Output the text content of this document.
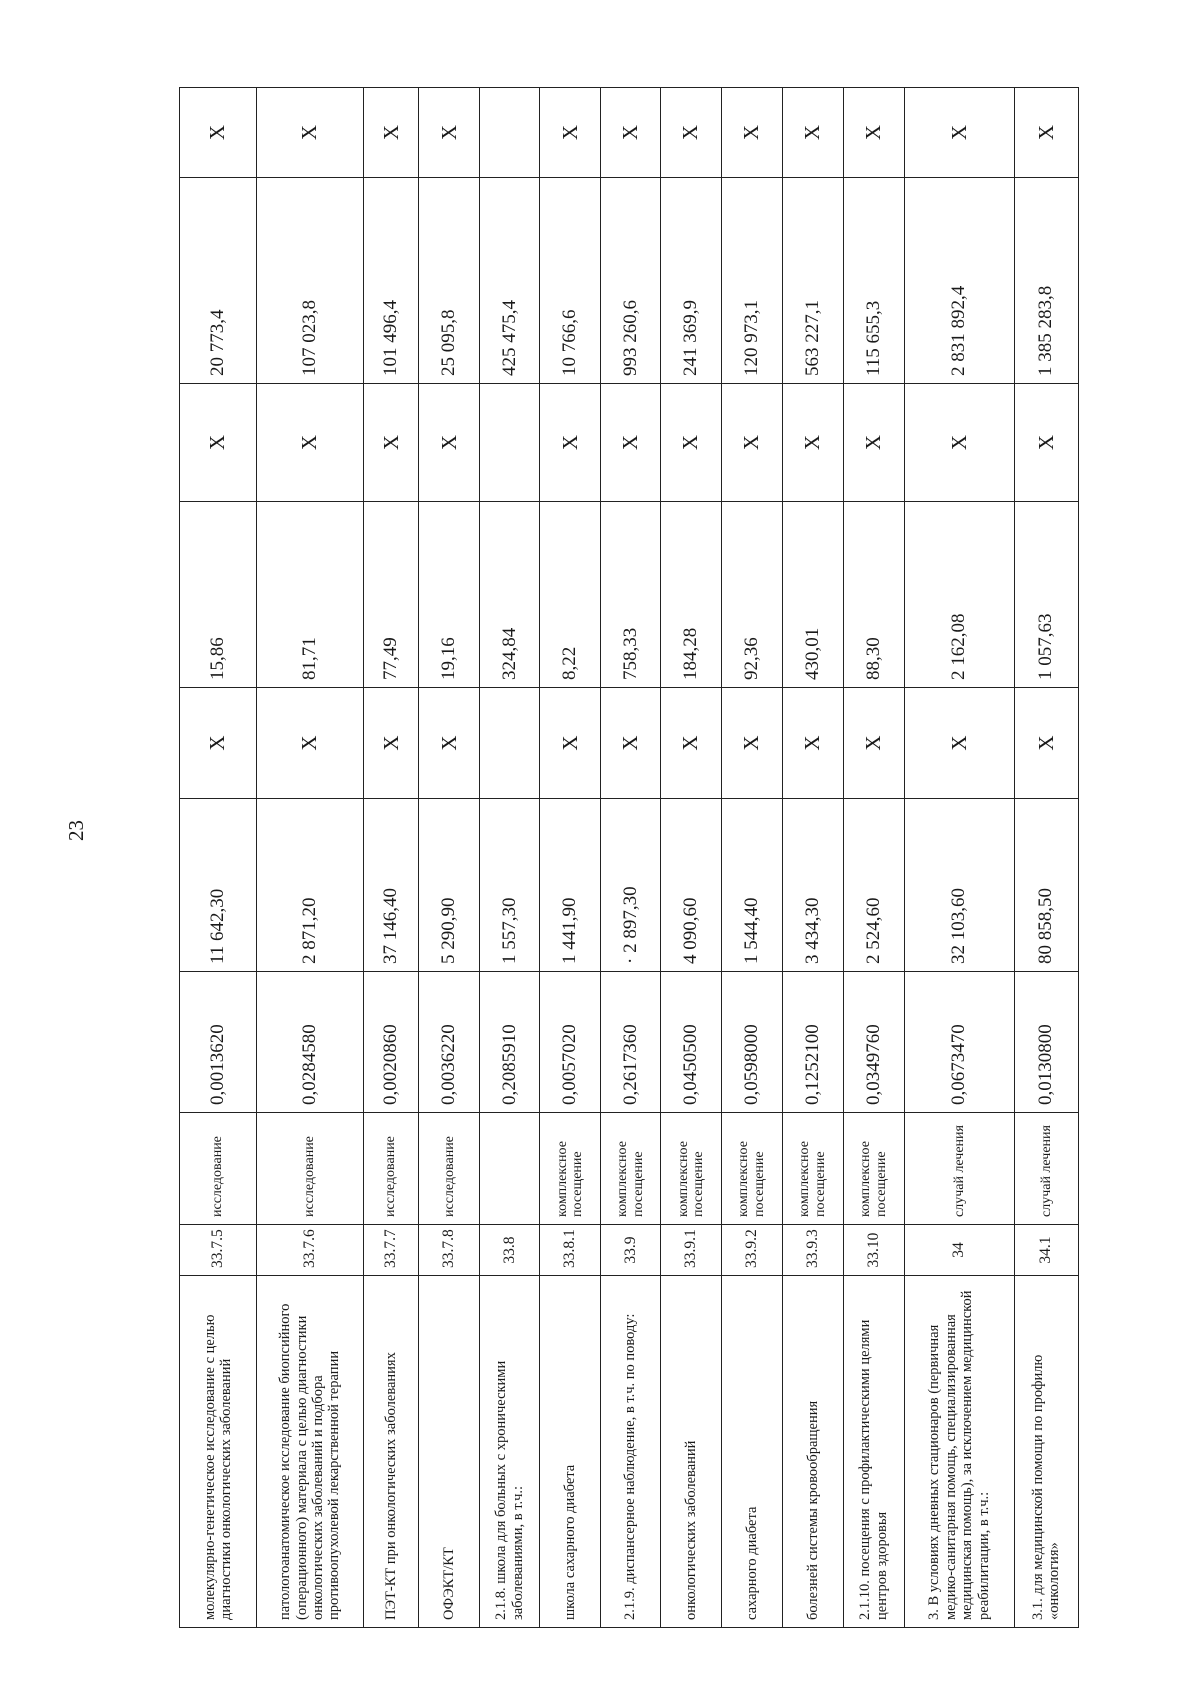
23
молекулярно-генетическое исследование с целью диагностики онкологических заболеваний	33.7.5	исследование	0,0013620	11 642,30	X	15,86	X	20 773,4	X
патологоанатомическое исследование биопсийного (операционного) материала с целью диагностики онкологических заболеваний и подбора противоопухолевой лекарственной терапии	33.7.6	исследование	0,0284580	2 871,20	X	81,71	X	107 023,8	X
ПЭТ-КТ при онкологических заболеваниях	33.7.7	исследование	0,0020860	37 146,40	X	77,49	X	101 496,4	X
ОФЭКТ/КТ	33.7.8	исследование	0,0036220	5 290,90	X	19,16	X	25 095,8	X
2.1.8. школа для больных с хроническими заболеваниями, в т.ч.:	33.8		0,2085910	1 557,30		324,84		425 475,4	
школа сахарного диабета	33.8.1	комплексное посещение	0,0057020	1 441,90	X	8,22	X	10 766,6	X
2.1.9. диспансерное наблюдение, в т.ч. по поводу:	33.9	комплексное посещение	0,2617360	· 2 897,30	X	758,33	X	993 260,6	X
онкологических заболеваний	33.9.1	комплексное посещение	0,0450500	4 090,60	X	184,28	X	241 369,9	X
сахарного диабета	33.9.2	комплексное посещение	0,0598000	1 544,40	X	92,36	X	120 973,1	X
болезней системы кровообращения	33.9.3	комплексное посещение	0,1252100	3 434,30	X	430,01	X	563 227,1	X
2.1.10. посещения с профилактическими целями центров здоровья	33.10	комплексное посещение	0,0349760	2 524,60	X	88,30	X	115 655,3	X
3. В условиях дневных стационаров (первичная медико-санитарная помощь, специализированная медицинская помощь), за исключением медицинской реабилитации, в т.ч.:	34	случай лечения	0,0673470	32 103,60	X	2 162,08	X	2 831 892,4	X
3.1. для медицинской помощи по профилю «онкология»	34.1	случай лечения	0,0130800	80 858,50	X	1 057,63	X	1 385 283,8	X
